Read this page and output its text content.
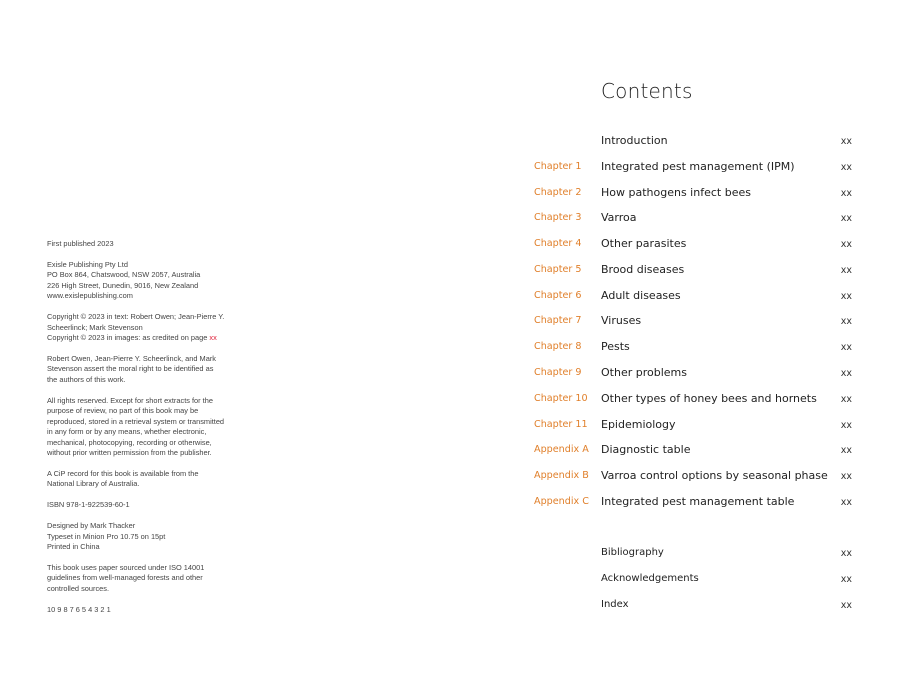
First published 2023

Exisle Publishing Pty Ltd
PO Box 864, Chatswood, NSW 2057, Australia
226 High Street, Dunedin, 9016, New Zealand
www.exislepublishing.com

Copyright © 2023 in text: Robert Owen; Jean-Pierre Y.
Scheerlinck; Mark Stevenson
Copyright © 2023 in images: as credited on page xx

Robert Owen, Jean-Pierre Y. Scheerlinck, and Mark
Stevenson assert the moral right to be identified as
the authors of this work.

All rights reserved. Except for short extracts for the
purpose of review, no part of this book may be
reproduced, stored in a retrieval system or transmitted
in any form or by any means, whether electronic,
mechanical, photocopying, recording or otherwise,
without prior written permission from the publisher.

A CiP record for this book is available from the
National Library of Australia.

ISBN 978-1-922539-60-1

Designed by Mark Thacker
Typeset in Minion Pro 10.75 on 15pt
Printed in China

This book uses paper sourced under ISO 14001
guidelines from well-managed forests and other
controlled sources.

10 9 8 7 6 5 4 3 2 1

Contents
Introduction	xx
Chapter 1 Integrated pest management (IPM)	xx
Chapter 2 How pathogens infect bees	xx
Chapter 3 Varroa	xx
Chapter 4 Other parasites	xx
Chapter 5 Brood diseases	xx
Chapter 6 Adult diseases	xx
Chapter 7 Viruses	xx
Chapter 8 Pests	xx
Chapter 9 Other problems	xx
Chapter 10 Other types of honey bees and hornets	xx
Chapter 11 Epidemiology	xx
Appendix A Diagnostic table	xx
Appendix B Varroa control options by seasonal phase xx
Appendix C Integrated pest management table	xx
Bibliography	xx
Acknowledgements	xx
Index	xx
